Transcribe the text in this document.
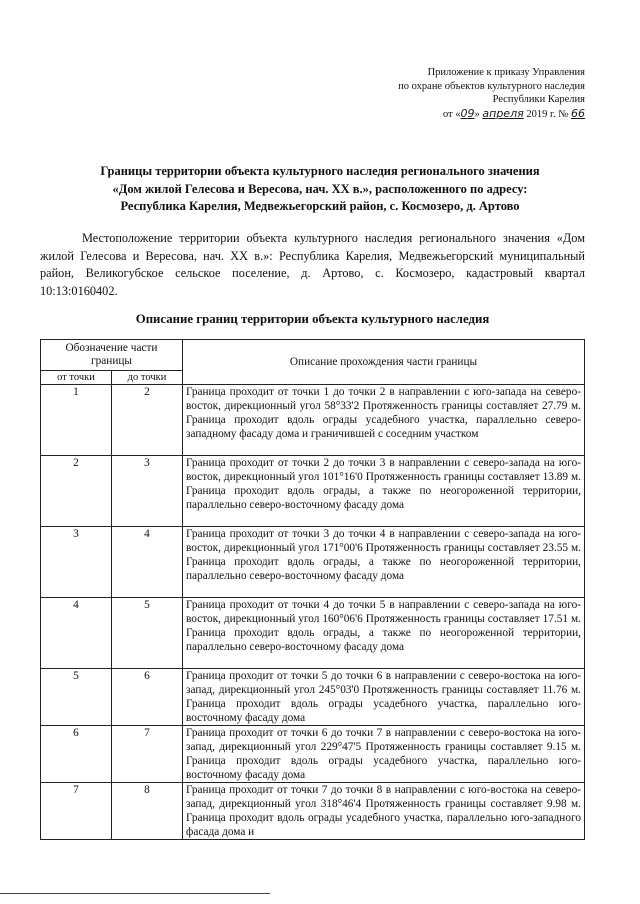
Приложение к приказу Управления
по охране объектов культурного наследия
Республики Карелия
от «09» апреля 2019 г. № 66
Границы территории объекта культурного наследия регионального значения
«Дом жилой Гелесова и Вересова, нач. XX в.», расположенного по адресу:
Республика Карелия, Медвежьегорский район, с. Космозеро, д. Артово

Местоположение территории объекта культурного наследия регионального значения «Дом жилой Гелесова и Вересова, нач. XX в.»: Республика Карелия, Медвежьегорский муниципальный район, Великогубское сельское поселение, д. Артово, с. Космозеро, кадастровый квартал 10:13:0160402.

Описание границ территории объекта культурного наследия
Обозначение части границы		Описание прохождения части границы
от точки	до точки	
1	2	Граница проходит от точки 1 до точки 2 в направлении с юго-запада на северо-восток, дирекционный угол 58°33'2 Протяженность границы составляет 27.79 м. Граница проходит вдоль ограды усадебного участка, параллельно северо-западному фасаду дома и граничившей с соседним участком
2	3	Граница проходит от точки 2 до точки 3 в направлении с северо-запада на юго-восток, дирекционный угол 101°16'0 Протяженность границы составляет 13.89 м. Граница проходит вдоль ограды, а также по неогороженной территории, параллельно северо-восточному фасаду дома
3	4	Граница проходит от точки 3 до точки 4 в направлении с северо-запада на юго-восток, дирекционный угол 171°00'6 Протяженность границы составляет 23.55 м. Граница проходит вдоль ограды, а также по неогороженной территории, параллельно северо-восточному фасаду дома
4	5	Граница проходит от точки 4 до точки 5 в направлении с северо-запада на юго-восток, дирекционный угол 160°06'6 Протяженность границы составляет 17.51 м. Граница проходит вдоль ограды, а также по неогороженной территории, параллельно северо-восточному фасаду дома
5	6	Граница проходит от точки 5 до точки 6 в направлении с северо-востока на юго-запад, дирекционный угол 245°03'0 Протяженность границы составляет 11.76 м. Граница проходит вдоль ограды усадебного участка, параллельно юго-восточному фасаду дома
6	7	Граница проходит от точки 6 до точки 7 в направлении с северо-востока на юго-запад, дирекционный угол 229°47'5 Протяженность границы составляет 9.15 м. Граница проходит вдоль ограды усадебного участка, параллельно юго-восточному фасаду дома
7	8	Граница проходит от точки 7 до точки 8 в направлении с юго-востока на северо-запад, дирекционный угол 318°46'4 Протяженность границы составляет 9.98 м. Граница проходит вдоль ограды усадебного участка, параллельно юго-западного фасада дома и
